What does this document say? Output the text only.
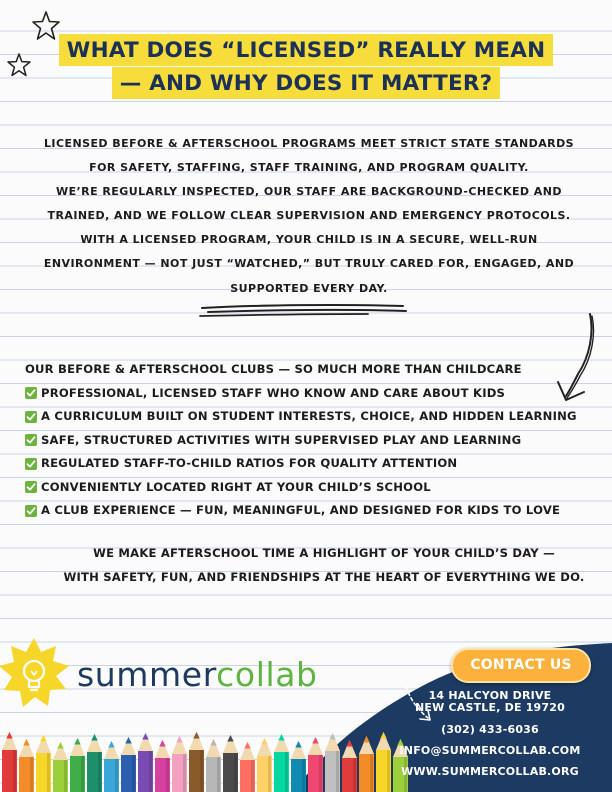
WHAT DOES “LICENSED” REALLY MEAN
— AND WHY DOES IT MATTER?

LICENSED BEFORE & AFTERSCHOOL PROGRAMS MEET STRICT STATE STANDARDS

FOR SAFETY, STAFFING, STAFF TRAINING, AND PROGRAM QUALITY.

WE’RE REGULARLY INSPECTED, OUR STAFF ARE BACKGROUND-CHECKED AND

TRAINED, AND WE FOLLOW CLEAR SUPERVISION AND EMERGENCY PROTOCOLS.

WITH A LICENSED PROGRAM, YOUR CHILD IS IN A SECURE, WELL-RUN

ENVIRONMENT — NOT JUST “WATCHED,” BUT TRULY CARED FOR, ENGAGED, AND

SUPPORTED EVERY DAY.

OUR BEFORE & AFTERSCHOOL CLUBS — SO MUCH MORE THAN CHILDCARE
PROFESSIONAL, LICENSED STAFF WHO KNOW AND CARE ABOUT KIDS
A CURRICULUM BUILT ON STUDENT INTERESTS, CHOICE, AND HIDDEN LEARNING
SAFE, STRUCTURED ACTIVITIES WITH SUPERVISED PLAY AND LEARNING
REGULATED STAFF-TO-CHILD RATIOS FOR QUALITY ATTENTION
CONVENIENTLY LOCATED RIGHT AT YOUR CHILD’S SCHOOL
A CLUB EXPERIENCE — FUN, MEANINGFUL, AND DESIGNED FOR KIDS TO LOVE

WE MAKE AFTERSCHOOL TIME A HIGHLIGHT OF YOUR CHILD’S DAY —

WITH SAFETY, FUN, AND FRIENDSHIPS AT THE HEART OF EVERYTHING WE DO.

summercollab	CONTACT US
14 HALCYON DRIVE
NEW CASTLE, DE 19720
(302) 433-6036
INFO@SUMMERCOLLAB.COM
WWW.SUMMERCOLLAB.ORG
